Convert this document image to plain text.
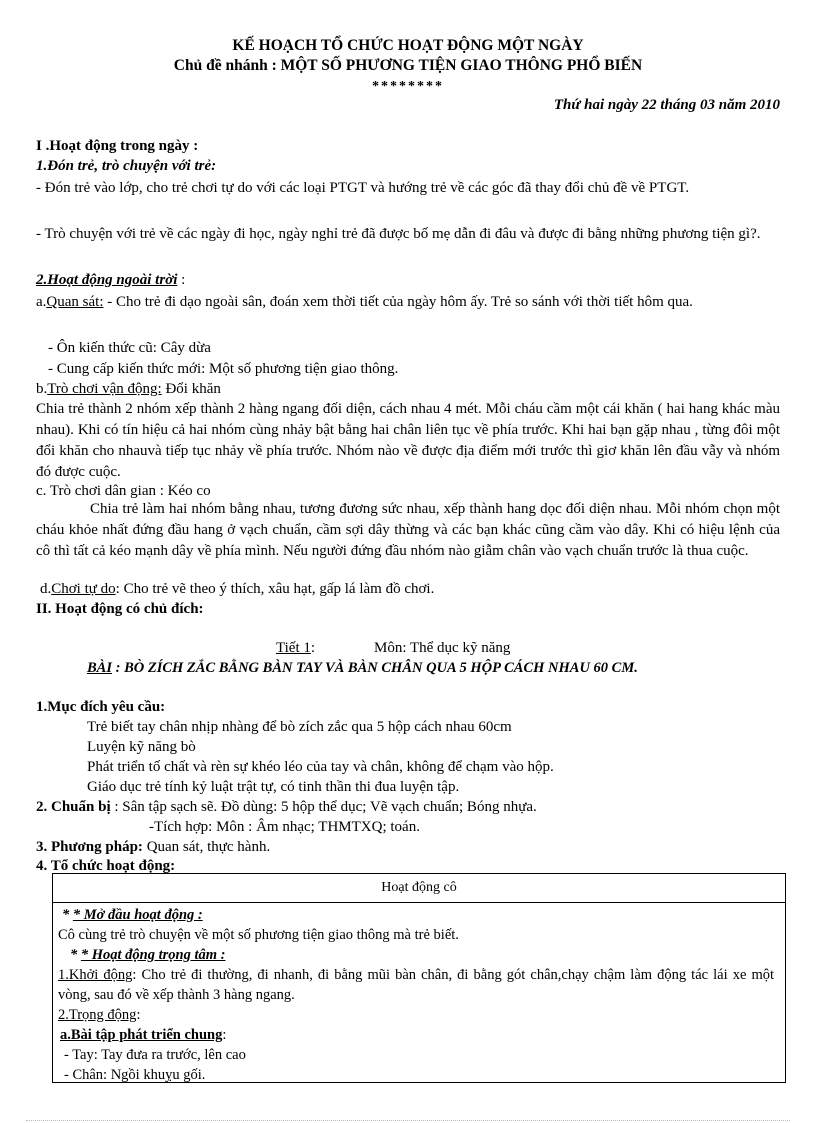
KẾ HOẠCH TỔ CHỨC HOẠT ĐỘNG MỘT NGÀY
Chủ đề nhánh : MỘT SỐ PHƯƠNG TIỆN GIAO THÔNG PHỔ BIẾN
********
Thứ hai ngày 22 tháng 03 năm 2010
I .Hoạt động trong ngày :
1.Đón trẻ, trò chuyện với trẻ:
- Đón trẻ vào lớp, cho trẻ chơi tự do với các loại PTGT và hướng trẻ về các góc đã thay đổi chủ đề về PTGT.
- Trò chuyện với trẻ về các ngày đi học, ngày nghỉ trẻ đã được bố mẹ dẫn đi đâu và được đi bằng những phương tiện gì?.
2.Hoạt động ngoài trời :
a.Quan sát: - Cho trẻ đi dạo ngoài sân, đoán xem thời tiết của ngày hôm ấy. Trẻ so sánh với thời tiết hôm qua.
- Ôn kiến thức cũ: Cây dừa
- Cung cấp kiến thức mới: Một số phương tiện giao thông.
b.Trò chơi vận động: Đổi khăn
Chia trẻ thành 2 nhóm xếp thành 2 hàng ngang đối diện, cách nhau 4 mét. Mỗi cháu cầm một cái khăn ( hai hang khác màu nhau). Khi có tín hiệu cả hai nhóm cùng nhảy bật bằng hai chân liên tục về phía trước. Khi hai bạn gặp nhau , từng đôi một đổi khăn cho nhauvà tiếp tục nhảy về phía trước. Nhóm nào về được địa điểm mới trước thì giơ khăn lên đầu vẫy và nhóm đó được cuộc.
c. Trò chơi dân gian : Kéo co
Chia trẻ làm hai nhóm bằng nhau, tương đương sức nhau, xếp thành hang dọc đối diện nhau. Mỗi nhóm chọn một cháu khỏe nhất đứng đầu hang ở vạch chuẩn, cầm sợi dây thừng và các bạn khác cũng cầm vào dây. Khi có hiệu lệnh của cô thì tất cả kéo mạnh dây về phía mình. Nếu người đứng đầu nhóm nào giẫm chân vào vạch chuẩn trước là thua cuộc.
d.Chơi tự do: Cho trẻ vẽ theo ý thích, xâu hạt, gấp lá làm đồ chơi.
II. Hoạt động có chủ đích:
Tiết 1:	Môn: Thể dục kỹ năng
BÀI : BÒ ZÍCH ZẮC BẰNG BÀN TAY VÀ BÀN CHÂN QUA 5 HỘP CÁCH NHAU 60 CM.
1.Mục đích yêu cầu:
Trẻ biết tay chân nhịp nhàng để bò zích zắc qua 5 hộp cách nhau 60cm
Luyện kỹ năng bò
Phát triển tố chất và rèn sự khéo léo của tay và chân, không để chạm vào hộp.
Giáo dục trẻ tính kỷ luật trật tự, có tinh thần thi đua luyện tập.
2. Chuẩn bị : Sân tập sạch sẽ. Đồ dùng: 5 hộp thể dục; Vẽ vạch chuẩn; Bóng nhựa.
-Tích hợp: Môn : Âm nhạc; THMTXQ; toán.
3. Phương pháp: Quan sát, thực hành.
4. Tổ chức hoạt động:
Hoạt động cô
* * Mở đầu hoạt động :
Cô cùng trẻ trò chuyện về một số phương tiện giao thông mà trẻ biết.
* * Hoạt động trọng tâm :
1.Khởi động: Cho trẻ đi thường, đi nhanh, đi bằng mũi bàn chân, đi bằng gót chân,chạy chậm làm động tác lái xe một vòng, sau đó về xếp thành 3 hàng ngang.
2.Trọng động:
a.Bài tập phát triển chung:
- Tay: Tay đưa ra trước, lên cao
- Chân: Ngồi khuỵu gối.
